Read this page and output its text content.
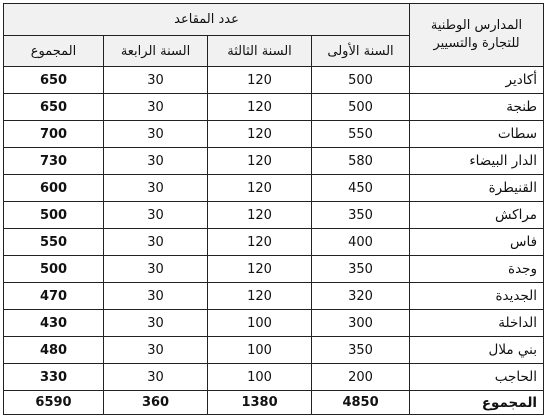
المدارس الوطنية
للتجارة والتسيير	عدد المقاعد			
	السنة الأولى	السنة الثالثة	السنة الرابعة	المجموع
أكادير	500	120	30	650
طنجة	500	120	30	650
سطات	550	120	30	700
الدار البيضاء	580	120	30	730
القنيطرة	450	120	30	600
مراكش	350	120	30	500
فاس	400	120	30	550
وجدة	350	120	30	500
الجديدة	320	120	30	470
الداخلة	300	100	30	430
بني ملال	350	100	30	480
الحاجب	200	100	30	330
المجموع	4850	1380	360	6590
